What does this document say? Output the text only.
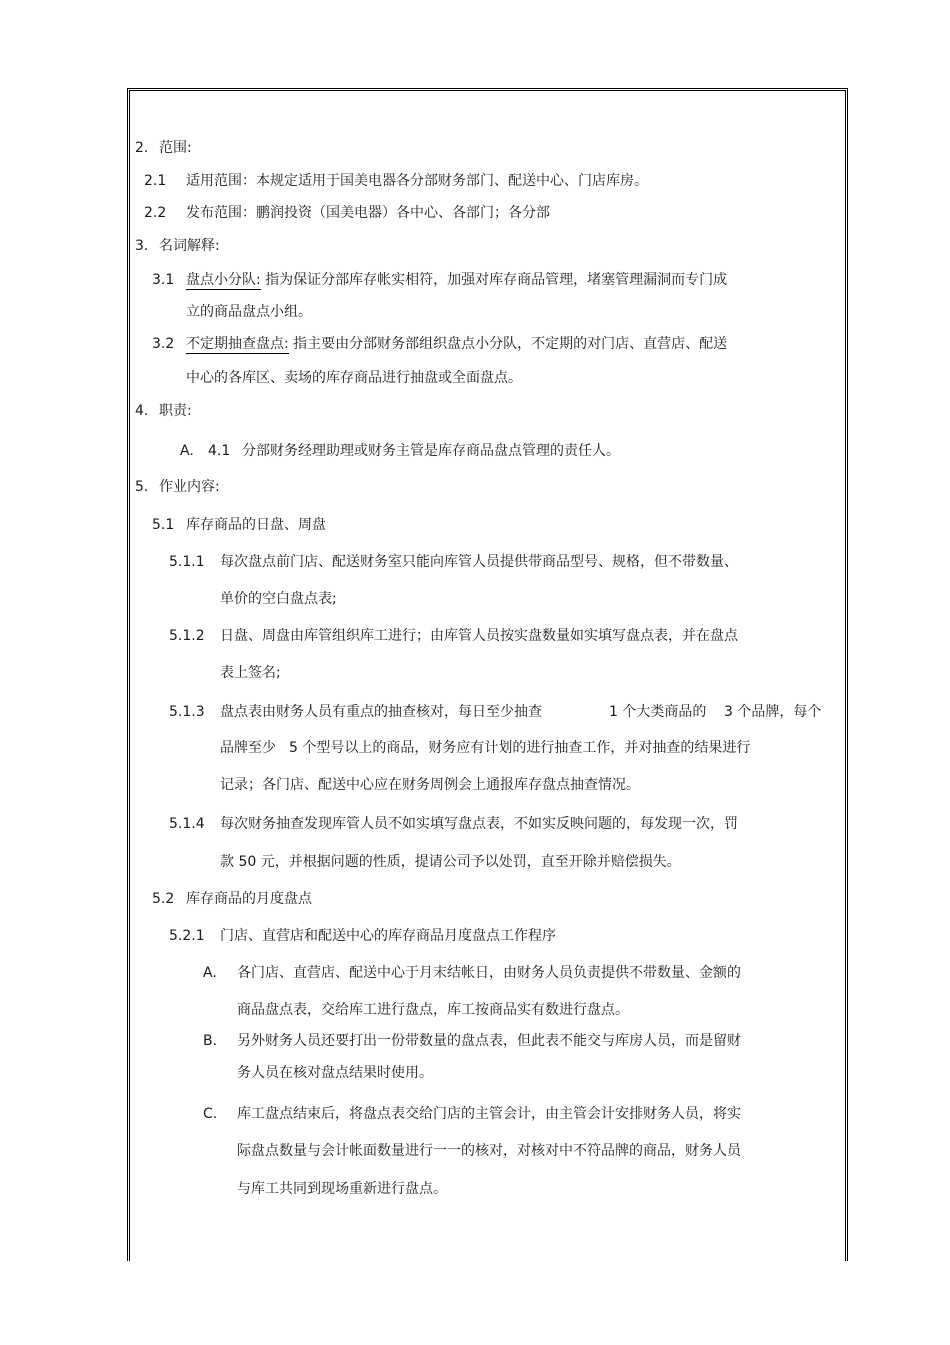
2. 范围:
2.1 适用范围：本规定适用于国美电器各分部财务部门、配送中心、门店库房。
2.2 发布范围：鹏润投资（国美电器）各中心、各部门；各分部
3. 名词解释:
3.1 盘点小分队: 指为保证分部库存帐实相符，加强对库存商品管理，堵塞管理漏洞而专门成
立的商品盘点小组。
3.2 不定期抽查盘点: 指主要由分部财务部组织盘点小分队，不定期的对门店、直营店、配送
中心的各库区、卖场的库存商品进行抽盘或全面盘点。
4. 职责:
A. 4.1 分部财务经理助理或财务主管是库存商品盘点管理的责任人。
5. 作业内容:
5.1 库存商品的日盘、周盘
5.1.1 每次盘点前门店、配送财务室只能向库管人员提供带商品型号、规格，但不带数量、
单价的空白盘点表;
5.1.2 日盘、周盘由库管组织库工进行；由库管人员按实盘数量如实填写盘点表，并在盘点
表上签名;
5.1.3 盘点表由财务人员有重点的抽查核对，每日至少抽查	1 个大类商品的 3 个品牌，每个
品牌至少 5 个型号以上的商品，财务应有计划的进行抽查工作，并对抽查的结果进行
记录；各门店、配送中心应在财务周例会上通报库存盘点抽查情况。
5.1.4 每次财务抽查发现库管人员不如实填写盘点表，不如实反映问题的，每发现一次，罚
款 50 元，并根据问题的性质，提请公司予以处罚，直至开除并赔偿损失。
5.2 库存商品的月度盘点
5.2.1 门店、直营店和配送中心的库存商品月度盘点工作程序
A. 各门店、直营店、配送中心于月末结帐日，由财务人员负责提供不带数量、金额的
商品盘点表，交给库工进行盘点，库工按商品实有数进行盘点。
B. 另外财务人员还要打出一份带数量的盘点表，但此表不能交与库房人员，而是留财
务人员在核对盘点结果时使用。
C. 库工盘点结束后，将盘点表交给门店的主管会计，由主管会计安排财务人员，将实
际盘点数量与会计帐面数量进行一一的核对，对核对中不符品牌的商品，财务人员
与库工共同到现场重新进行盘点。
